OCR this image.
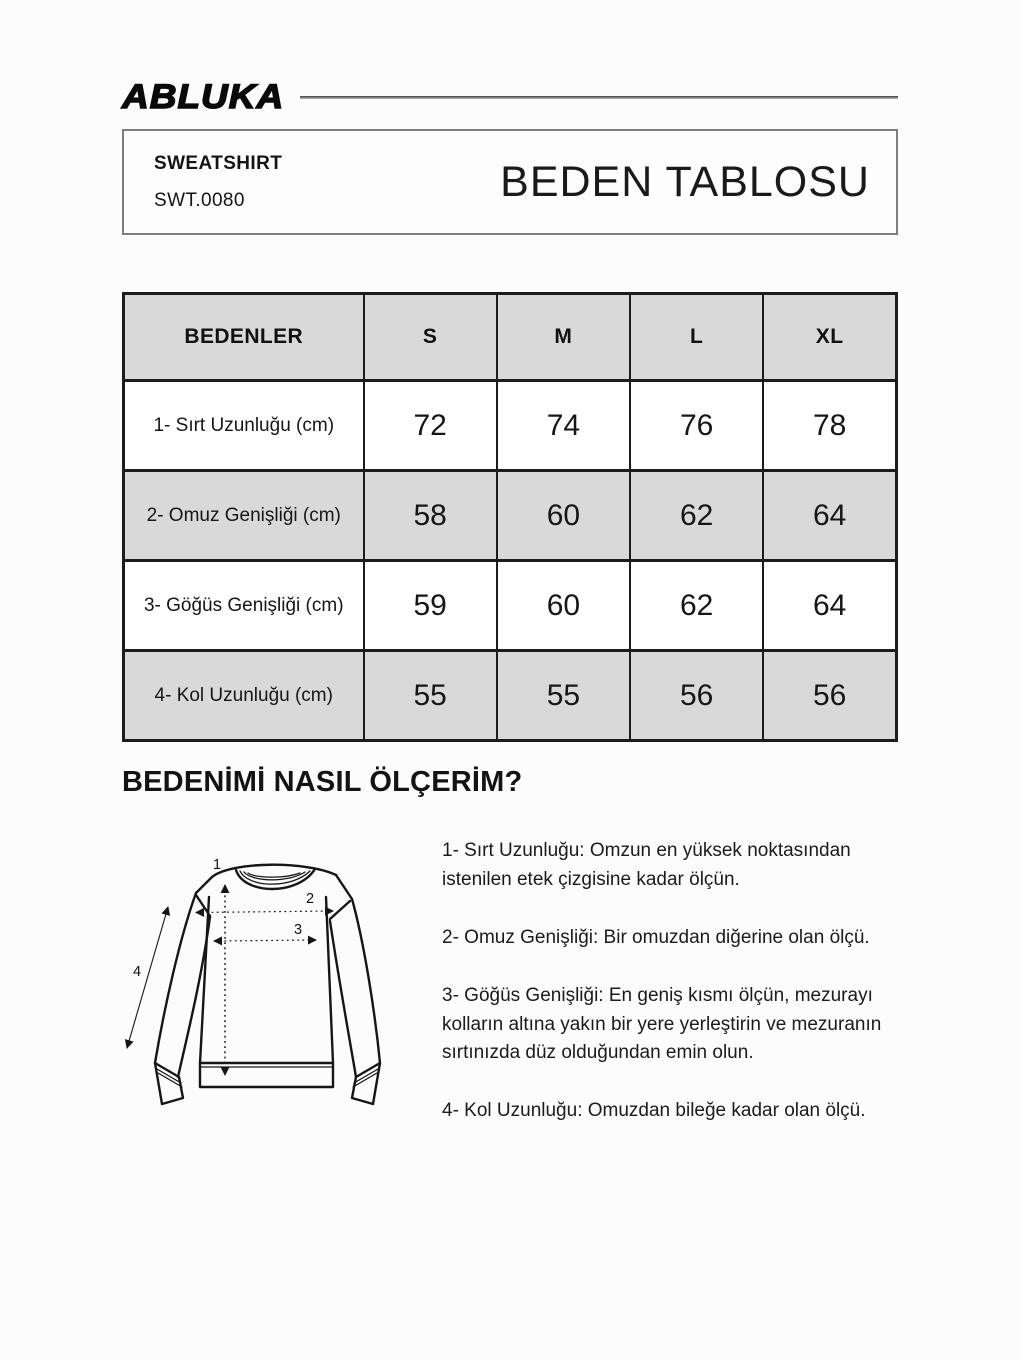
ABLUKA
SWEATSHIRT
SWT.0080	BEDEN TABLOSU
BEDENLER	S	M	L	XL
1- Sırt Uzunluğu (cm)	72	74	76	78
2- Omuz Genişliği (cm)	58	60	62	64
3- Göğüs Genişliği (cm)	59	60	62	64
4- Kol Uzunluğu (cm)	55	55	56	56
BEDENİMİ NASIL ÖLÇERİM?
1
2
3
4

1- Sırt Uzunluğu: Omzun en yüksek noktasından istenilen etek çizgisine kadar ölçün.

2- Omuz Genişliği: Bir omuzdan diğerine olan ölçü.

3- Göğüs Genişliği: En geniş kısmı ölçün, mezurayı kolların altına yakın bir yere yerleştirin ve mezuranın sırtınızda düz olduğundan emin olun.

4- Kol Uzunluğu: Omuzdan bileğe kadar olan ölçü.
